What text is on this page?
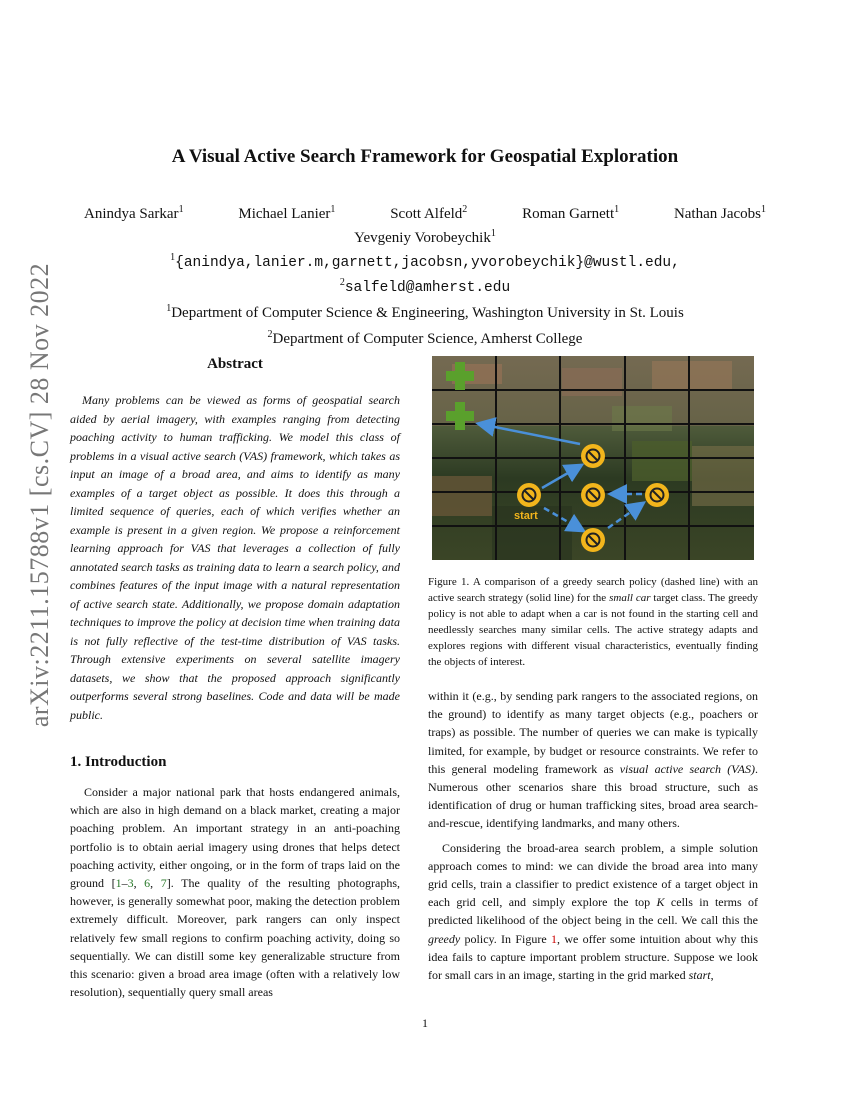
arXiv:2211.15788v1 [cs.CV] 28 Nov 2022
A Visual Active Search Framework for Geospatial Exploration
Anindya Sarkar$^1$	Michael Lanier$^1$	Scott Alfeld$^2$	Roman Garnett$^1$	Nathan Jacobs$^1$
Yevgeniy Vorobeychik$^1$
$^1${anindya,lanier.m,garnett,jacobsn,yvorobeychik}@wustl.edu,
$^2$salfeld@amherst.edu
$^1$Department of Computer Science & Engineering, Washington University in St. Louis
$^2$Department of Computer Science, Amherst College
Abstract

Many problems can be viewed as forms of geospatial search aided by aerial imagery, with examples ranging from detecting poaching activity to human trafficking. We model this class of problems in a visual active search (VAS) framework, which takes as input an image of a broad area, and aims to identify as many examples of a target object as possible. It does this through a limited sequence of queries, each of which verifies whether an example is present in a given region. We propose a reinforcement learning approach for VAS that leverages a collection of fully annotated search tasks as training data to learn a search policy, and combines features of the input image with a natural representation of active search state. Additionally, we propose domain adaptation techniques to improve the policy at decision time when training data is not fully reflective of the test-time distribution of VAS tasks. Through extensive experiments on several satellite imagery datasets, we show that the proposed approach significantly outperforms several strong baselines. Code and data will be made public.

1. Introduction

Consider a major national park that hosts endangered animals, which are also in high demand on a black market, creating a major poaching problem. An important strategy in an anti-poaching portfolio is to obtain aerial imagery using drones that helps detect poaching activity, either ongoing, or in the form of traps laid on the ground [1–3, 6, 7]. The quality of the resulting photographs, however, is generally somewhat poor, making the detection problem extremely difficult. Moreover, park rangers can only inspect relatively few small regions to confirm poaching activity, doing so sequentially. We can distill some key generalizable structure from this scenario: given a broad area image (often with a relatively low resolution), sequentially query small areas

start
Figure 1. A comparison of a greedy search policy (dashed line) with an active search strategy (solid line) for the small car target class. The greedy policy is not able to adapt when a car is not found in the starting cell and needlessly searches many similar cells. The active strategy adapts and explores regions with different visual characteristics, eventually finding the objects of interest.

within it (e.g., by sending park rangers to the associated regions, on the ground) to identify as many target objects (e.g., poachers or traps) as possible. The number of queries we can make is typically limited, for example, by budget or resource constraints. We refer to this general modeling framework as visual active search (VAS). Numerous other scenarios share this broad structure, such as identification of drug or human trafficking sites, broad area search-and-rescue, identifying landmarks, and many others.

Considering the broad-area search problem, a simple solution approach comes to mind: we can divide the broad area into many grid cells, train a classifier to predict existence of a target object in each grid cell, and simply explore the top K cells in terms of predicted likelihood of the object being in the cell. We call this the greedy policy. In Figure 1, we offer some intuition about why this idea fails to capture important problem structure. Suppose we look for small cars in an image, starting in the grid marked start,

1
